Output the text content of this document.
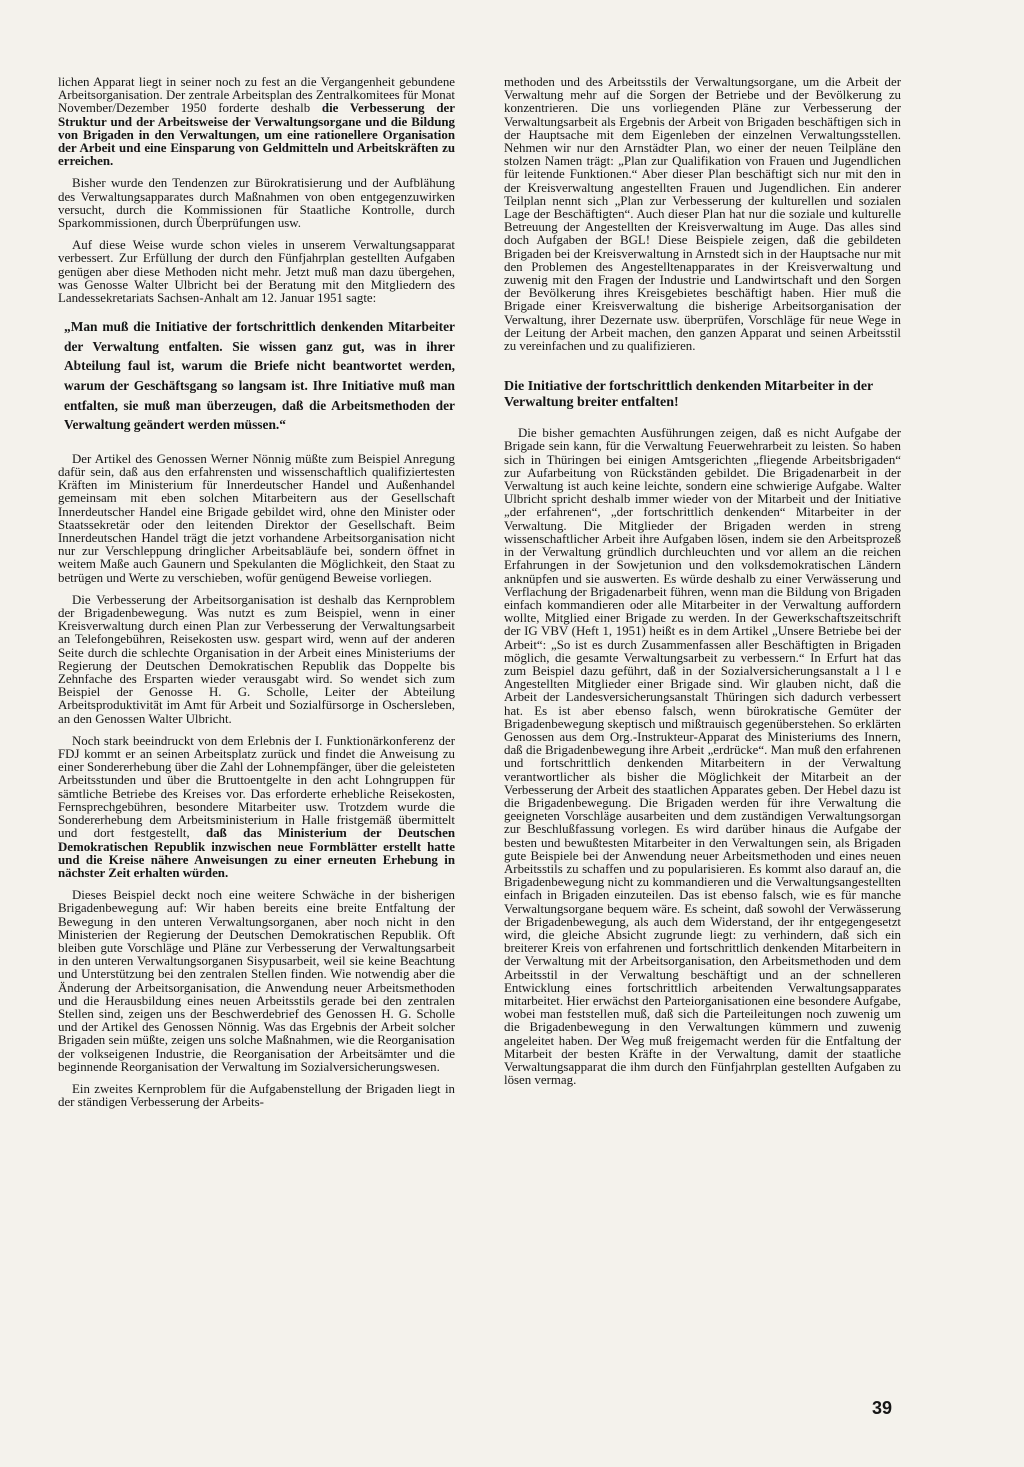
lichen Apparat liegt in seiner noch zu fest an die Vergangenheit gebundene Arbeitsorganisation. Der zentrale Arbeitsplan des Zentralkomitees für Monat November/Dezember 1950 forderte deshalb die Verbesserung der Struktur und der Arbeitsweise der Verwaltungsorgane und die Bildung von Brigaden in den Verwaltungen, um eine rationellere Organisation der Arbeit und eine Einsparung von Geldmitteln und Arbeitskräften zu erreichen.

Bisher wurde den Tendenzen zur Bürokratisierung und der Aufblähung des Verwaltungsapparates durch Maßnahmen von oben entgegenzuwirken versucht, durch die Kommissionen für Staatliche Kontrolle, durch Sparkommissionen, durch Überprüfungen usw.

Auf diese Weise wurde schon vieles in unserem Verwaltungsapparat verbessert. Zur Erfüllung der durch den Fünfjahrplan gestellten Aufgaben genügen aber diese Methoden nicht mehr. Jetzt muß man dazu übergehen, was Genosse Walter Ulbricht bei der Beratung mit den Mitgliedern des Landessekretariats Sachsen-Anhalt am 12. Januar 1951 sagte:

„Man muß die Initiative der fortschrittlich denkenden Mitarbeiter der Verwaltung entfalten. Sie wissen ganz gut, was in ihrer Abteilung faul ist, warum die Briefe nicht beantwortet werden, warum der Geschäftsgang so langsam ist. Ihre Initiative muß man entfalten, sie muß man überzeugen, daß die Arbeitsmethoden der Verwaltung geändert werden müssen.“

Der Artikel des Genossen Werner Nönnig müßte zum Beispiel Anregung dafür sein, daß aus den erfahrensten und wissenschaftlich qualifiziertesten Kräften im Ministerium für Innerdeutscher Handel und Außenhandel gemeinsam mit eben solchen Mitarbeitern aus der Gesellschaft Innerdeutscher Handel eine Brigade gebildet wird, ohne den Minister oder Staatssekretär oder den leitenden Direktor der Gesellschaft. Beim Innerdeutschen Handel trägt die jetzt vorhandene Arbeitsorganisation nicht nur zur Verschleppung dringlicher Arbeitsabläufe bei, sondern öffnet in weitem Maße auch Gaunern und Spekulanten die Möglichkeit, den Staat zu betrügen und Werte zu verschieben, wofür genügend Beweise vorliegen.

Die Verbesserung der Arbeitsorganisation ist deshalb das Kernproblem der Brigadenbewegung. Was nutzt es zum Beispiel, wenn in einer Kreisverwaltung durch einen Plan zur Verbesserung der Verwaltungsarbeit an Telefongebühren, Reisekosten usw. gespart wird, wenn auf der anderen Seite durch die schlechte Organisation in der Arbeit eines Ministeriums der Regierung der Deutschen Demokratischen Republik das Doppelte bis Zehnfache des Ersparten wieder verausgabt wird. So wendet sich zum Beispiel der Genosse H. G. Scholle, Leiter der Abteilung Arbeitsproduktivität im Amt für Arbeit und Sozialfürsorge in Oschersleben, an den Genossen Walter Ulbricht.

Noch stark beeindruckt von dem Erlebnis der I. Funktionärkonferenz der FDJ kommt er an seinen Arbeitsplatz zurück und findet die Anweisung zu einer Sondererhebung über die Zahl der Lohnempfänger, über die geleisteten Arbeitsstunden und über die Bruttoentgelte in den acht Lohngruppen für sämtliche Betriebe des Kreises vor. Das erforderte erhebliche Reisekosten, Fernsprechgebühren, besondere Mitarbeiter usw. Trotzdem wurde die Sondererhebung dem Arbeitsministerium in Halle fristgemäß übermittelt und dort festgestellt, daß das Ministerium der Deutschen Demokratischen Republik inzwischen neue Formblätter erstellt hatte und die Kreise nähere Anweisungen zu einer erneuten Erhebung in nächster Zeit erhalten würden.

Dieses Beispiel deckt noch eine weitere Schwäche in der bisherigen Brigadenbewegung auf: Wir haben bereits eine breite Entfaltung der Bewegung in den unteren Verwaltungsorganen, aber noch nicht in den Ministerien der Regierung der Deutschen Demokratischen Republik. Oft bleiben gute Vorschläge und Pläne zur Verbesserung der Verwaltungsarbeit in den unteren Verwaltungsorganen Sisypusarbeit, weil sie keine Beachtung und Unterstützung bei den zentralen Stellen finden. Wie notwendig aber die Änderung der Arbeitsorganisation, die Anwendung neuer Arbeitsmethoden und die Herausbildung eines neuen Arbeitsstils gerade bei den zentralen Stellen sind, zeigen uns der Beschwerdebrief des Genossen H. G. Scholle und der Artikel des Genossen Nönnig. Was das Ergebnis der Arbeit solcher Brigaden sein müßte, zeigen uns solche Maßnahmen, wie die Reorganisation der volkseigenen Industrie, die Reorganisation der Arbeitsämter und die beginnende Reorganisation der Verwaltung im Sozialversicherungswesen.

Ein zweites Kernproblem für die Aufgabenstellung der Brigaden liegt in der ständigen Verbesserung der Arbeits-

methoden und des Arbeitsstils der Verwaltungsorgane, um die Arbeit der Verwaltung mehr auf die Sorgen der Betriebe und der Bevölkerung zu konzentrieren. Die uns vorliegenden Pläne zur Verbesserung der Verwaltungsarbeit als Ergebnis der Arbeit von Brigaden beschäftigen sich in der Hauptsache mit dem Eigenleben der einzelnen Verwaltungsstellen. Nehmen wir nur den Arnstädter Plan, wo einer der neuen Teilpläne den stolzen Namen trägt: „Plan zur Qualifikation von Frauen und Jugendlichen für leitende Funktionen.“ Aber dieser Plan beschäftigt sich nur mit den in der Kreisverwaltung angestellten Frauen und Jugendlichen. Ein anderer Teilplan nennt sich „Plan zur Verbesserung der kulturellen und sozialen Lage der Beschäftigten“. Auch dieser Plan hat nur die soziale und kulturelle Betreuung der Angestellten der Kreisverwaltung im Auge. Das alles sind doch Aufgaben der BGL! Diese Beispiele zeigen, daß die gebildeten Brigaden bei der Kreisverwaltung in Arnstedt sich in der Hauptsache nur mit den Problemen des Angestelltenapparates in der Kreisverwaltung und zuwenig mit den Fragen der Industrie und Landwirtschaft und den Sorgen der Bevölkerung ihres Kreisgebietes beschäftigt haben. Hier muß die Brigade einer Kreisverwaltung die bisherige Arbeitsorganisation der Verwaltung, ihrer Dezernate usw. überprüfen, Vorschläge für neue Wege in der Leitung der Arbeit machen, den ganzen Apparat und seinen Arbeitsstil zu vereinfachen und zu qualifizieren.

Die Initiative der fortschrittlich denkenden Mitarbeiter in der Verwaltung breiter entfalten!

Die bisher gemachten Ausführungen zeigen, daß es nicht Aufgabe der Brigade sein kann, für die Verwaltung Feuerwehrarbeit zu leisten. So haben sich in Thüringen bei einigen Amtsgerichten „fliegende Arbeitsbrigaden“ zur Aufarbeitung von Rückständen gebildet. Die Brigadenarbeit in der Verwaltung ist auch keine leichte, sondern eine schwierige Aufgabe. Walter Ulbricht spricht deshalb immer wieder von der Mitarbeit und der Initiative „der erfahrenen“, „der fortschrittlich denkenden“ Mitarbeiter in der Verwaltung. Die Mitglieder der Brigaden werden in streng wissenschaftlicher Arbeit ihre Aufgaben lösen, indem sie den Arbeitsprozeß in der Verwaltung gründlich durchleuchten und vor allem an die reichen Erfahrungen in der Sowjetunion und den volksdemokratischen Ländern anknüpfen und sie auswerten. Es würde deshalb zu einer Verwässerung und Verflachung der Brigadenarbeit führen, wenn man die Bildung von Brigaden einfach kommandieren oder alle Mitarbeiter in der Verwaltung auffordern wollte, Mitglied einer Brigade zu werden. In der Gewerkschaftszeitschrift der IG VBV (Heft 1, 1951) heißt es in dem Artikel „Unsere Betriebe bei der Arbeit“: „So ist es durch Zusammenfassen aller Beschäftigten in Brigaden möglich, die gesamte Verwaltungsarbeit zu verbessern.“ In Erfurt hat das zum Beispiel dazu geführt, daß in der Sozialversicherungsanstalt a l l e Angestellten Mitglieder einer Brigade sind. Wir glauben nicht, daß die Arbeit der Landesversicherungsanstalt Thüringen sich dadurch verbessert hat. Es ist aber ebenso falsch, wenn bürokratische Gemüter der Brigadenbewegung skeptisch und mißtrauisch gegenüberstehen. So erklärten Genossen aus dem Org.-Instrukteur-Apparat des Ministeriums des Innern, daß die Brigadenbewegung ihre Arbeit „erdrücke“. Man muß den erfahrenen und fortschrittlich denkenden Mitarbeitern in der Verwaltung verantwortlicher als bisher die Möglichkeit der Mitarbeit an der Verbesserung der Arbeit des staatlichen Apparates geben. Der Hebel dazu ist die Brigadenbewegung. Die Brigaden werden für ihre Verwaltung die geeigneten Vorschläge ausarbeiten und dem zuständigen Verwaltungsorgan zur Beschlußfassung vorlegen. Es wird darüber hinaus die Aufgabe der besten und bewußtesten Mitarbeiter in den Verwaltungen sein, als Brigaden gute Beispiele bei der Anwendung neuer Arbeitsmethoden und eines neuen Arbeitsstils zu schaffen und zu popularisieren. Es kommt also darauf an, die Brigadenbewegung nicht zu kommandieren und die Verwaltungsangestellten einfach in Brigaden einzuteilen. Das ist ebenso falsch, wie es für manche Verwaltungsorgane bequem wäre. Es scheint, daß sowohl der Verwässerung der Brigadenbewegung, als auch dem Widerstand, der ihr entgegengesetzt wird, die gleiche Absicht zugrunde liegt: zu verhindern, daß sich ein breiterer Kreis von erfahrenen und fortschrittlich denkenden Mitarbeitern in der Verwaltung mit der Arbeitsorganisation, den Arbeitsmethoden und dem Arbeitsstil in der Verwaltung beschäftigt und an der schnelleren Entwicklung eines fortschrittlich arbeitenden Verwaltungsapparates mitarbeitet. Hier erwächst den Parteiorganisationen eine besondere Aufgabe, wobei man feststellen muß, daß sich die Parteileitungen noch zuwenig um die Brigadenbewegung in den Verwaltungen kümmern und zuwenig angeleitet haben. Der Weg muß freigemacht werden für die Entfaltung der Mitarbeit der besten Kräfte in der Verwaltung, damit der staatliche Verwaltungsapparat die ihm durch den Fünfjahrplan gestellten Aufgaben zu lösen vermag.

39
